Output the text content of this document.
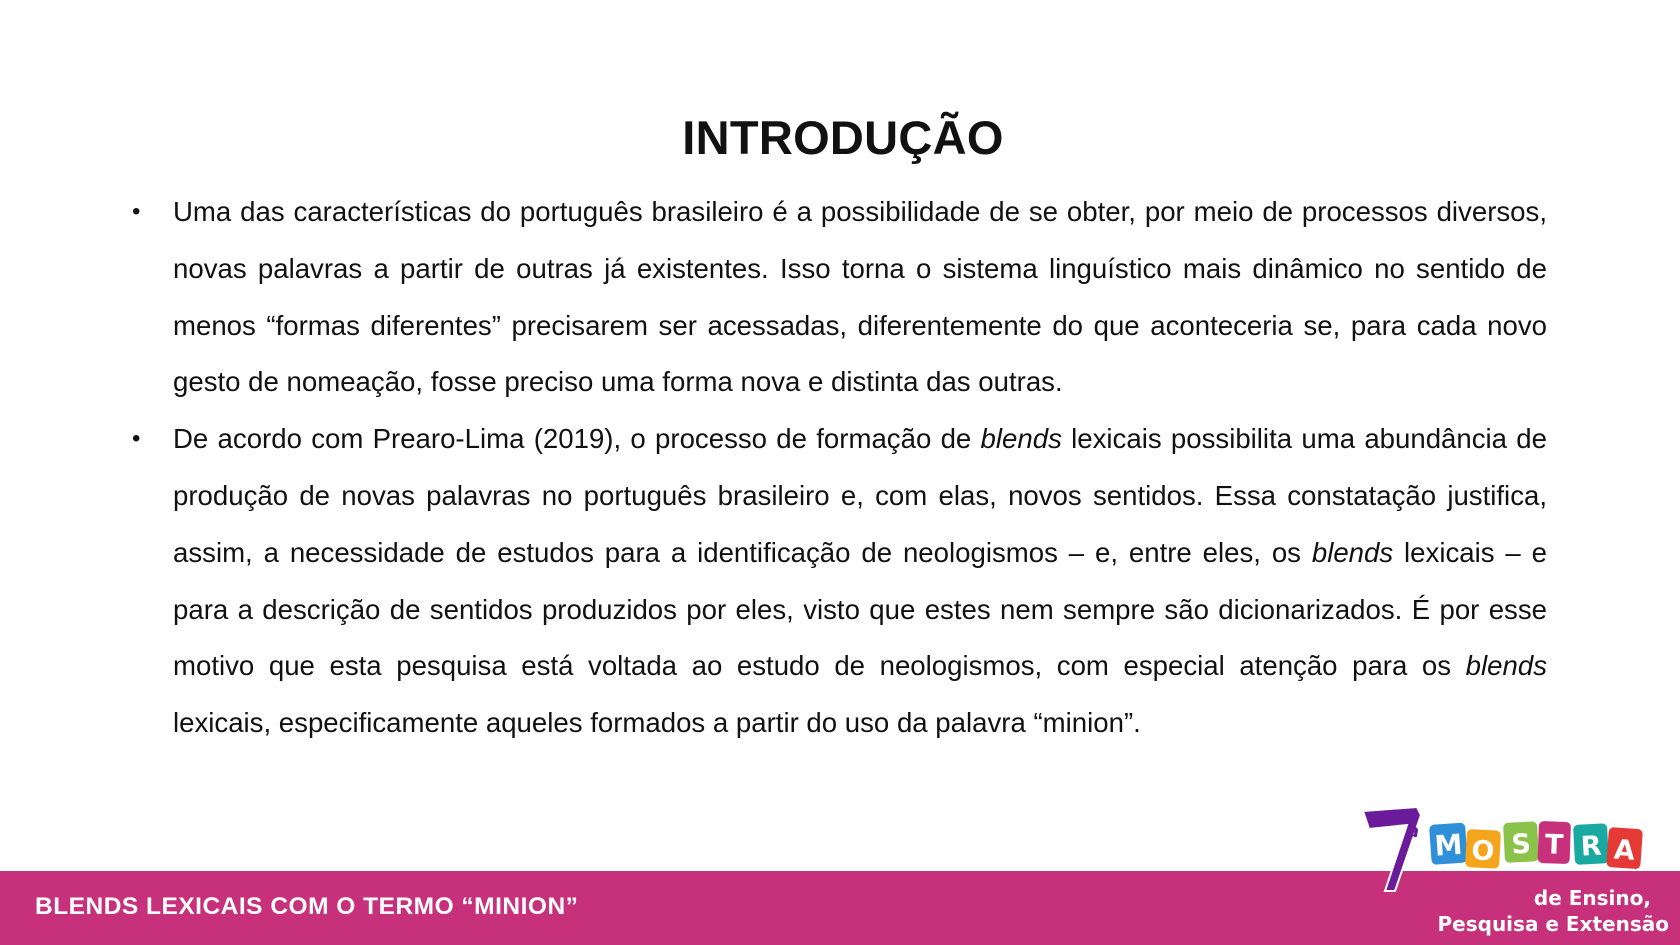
INTRODUÇÃO
• Uma das características do português brasileiro é a possibilidade de se obter, por meio de processos diversos, novas palavras a partir de outras já existentes. Isso torna o sistema linguístico mais dinâmico no sentido de menos “formas diferentes” precisarem ser acessadas, diferentemente do que aconteceria se, para cada novo gesto de nomeação, fosse preciso uma forma nova e distinta das outras.
• De acordo com Prearo-Lima (2019), o processo de formação de blends lexicais possibilita uma abundância de produção de novas palavras no português brasileiro e, com elas, novos sentidos. Essa constatação justifica, assim, a necessidade de estudos para a identificação de neologismos – e, entre eles, os blends lexicais – e para a descrição de sentidos produzidos por eles, visto que estes nem sempre são dicionarizados. É por esse motivo que esta pesquisa está voltada ao estudo de neologismos, com especial atenção para os blends lexicais, especificamente aqueles formados a partir do uso da palavra “minion”.
BLENDS LEXICAIS COM O TERMO “MINION”
a M O S T R A
de Ensino,
Pesquisa e Extensão
